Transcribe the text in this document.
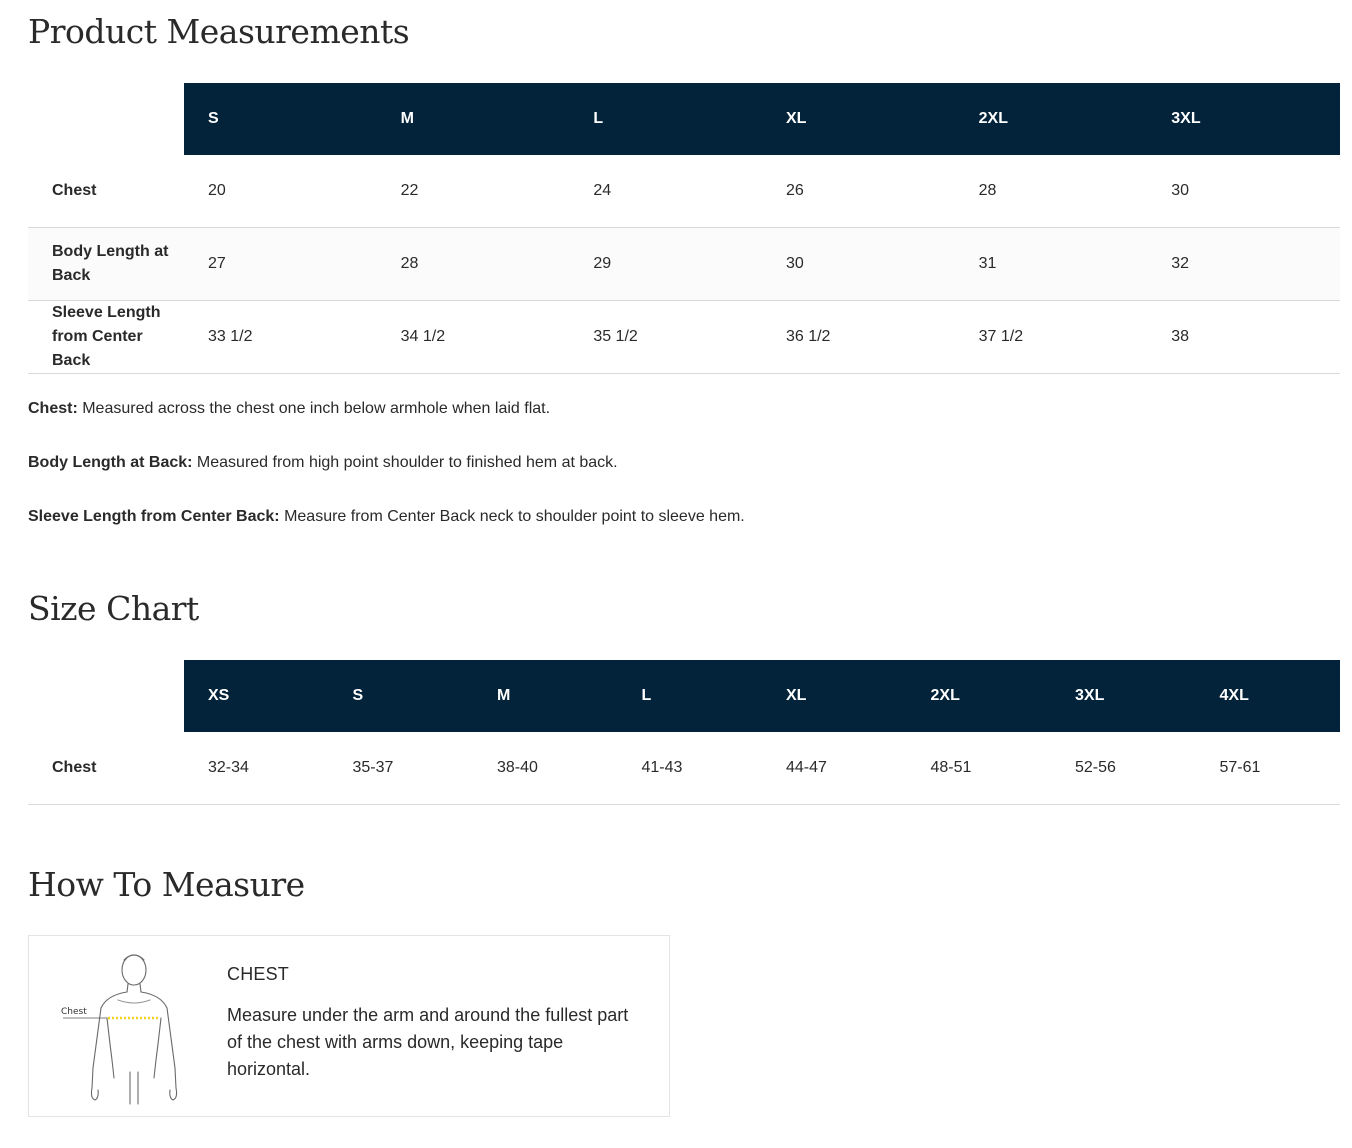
Product Measurements
	S	M	L	XL	2XL	3XL
Chest	20	22	24	26	28	30
Body Length at Back	27	28	29	30	31	32
Sleeve Length from Center Back	33 1/2	34 1/2	35 1/2	36 1/2	37 1/2	38

Chest: Measured across the chest one inch below armhole when laid flat.

Body Length at Back: Measured from high point shoulder to finished hem at back.

Sleeve Length from Center Back: Measure from Center Back neck to shoulder point to sleeve hem.

Size Chart
	XS	S	M	L	XL	2XL	3XL	4XL
Chest	32-34	35-37	38-40	41-43	44-47	48-51	52-56	57-61
How To Measure
Chest
CHEST
Measure under the arm and around the fullest part of the chest with arms down, keeping tape horizontal.
